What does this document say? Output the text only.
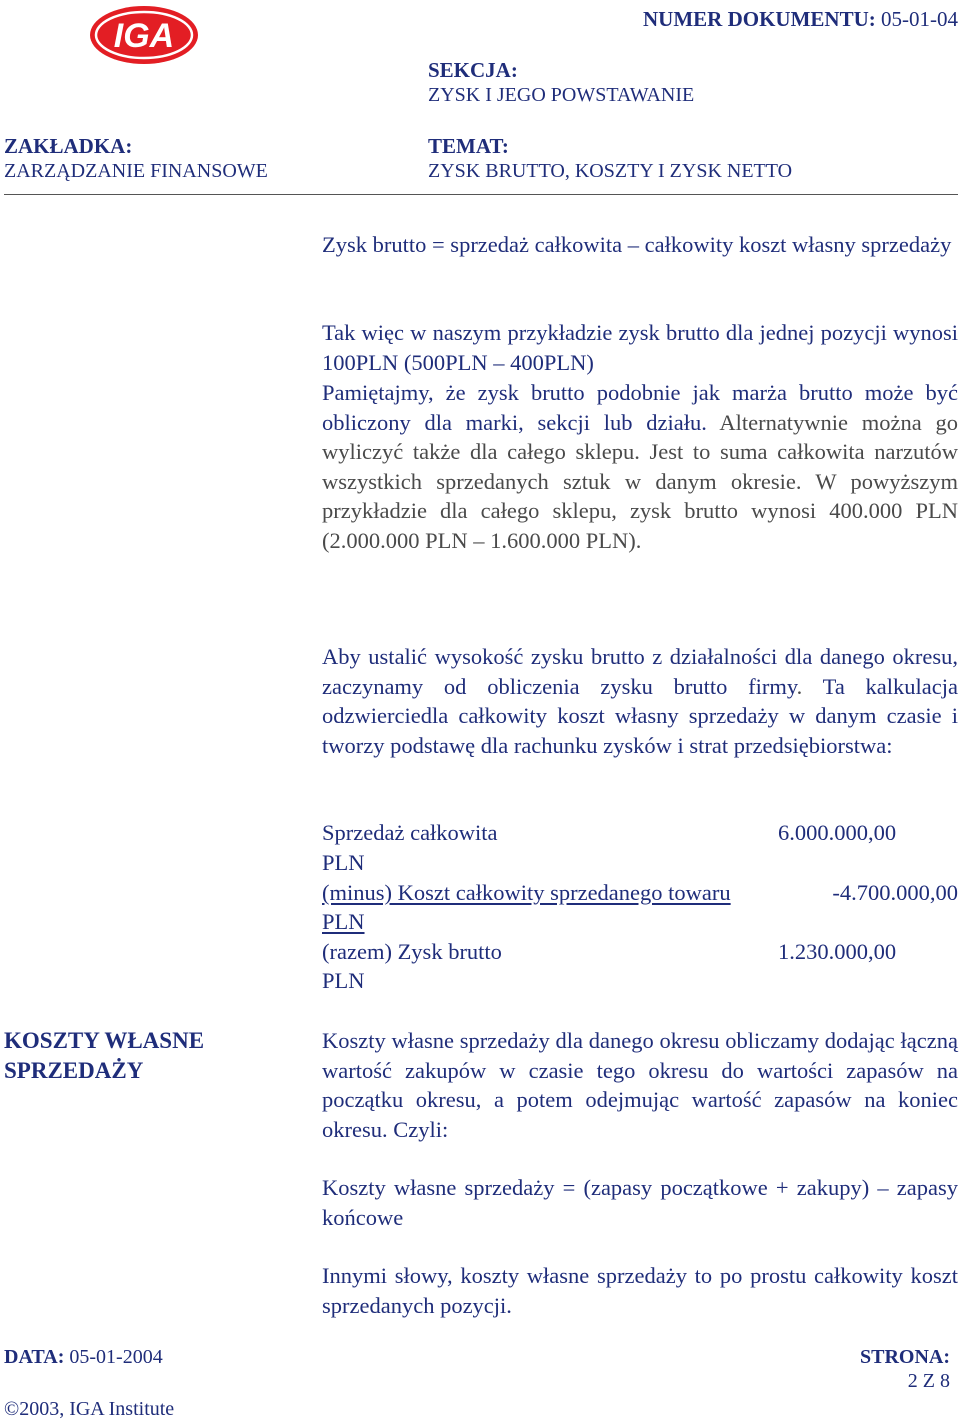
IGA	NUMER DOKUMENTU: 05-01-04
SEKCJA:
ZYSK I JEGO POWSTAWANIE
ZAKŁADKA:
ZARZĄDZANIE FINANSOWE
TEMAT:
ZYSK BRUTTO, KOSZTY I ZYSK NETTO
Zysk brutto = sprzedaż całkowita – całkowity koszt własny sprzedaży
Tak więc w naszym przykładzie zysk brutto dla jednej pozycji wynosi 100PLN (500PLN – 400PLN)
Pamiętajmy, że zysk brutto podobnie jak marża brutto może być obliczony dla marki, sekcji lub działu. Alternatywnie można go wyliczyć także dla całego sklepu. Jest to suma całkowita narzutów wszystkich sprzedanych sztuk w danym okresie. W powyższym przykładzie dla całego sklepu, zysk brutto wynosi 400.000 PLN (2.000.000 PLN – 1.600.000 PLN).
Aby ustalić wysokość zysku brutto z działalności dla danego okresu, zaczynamy od obliczenia zysku brutto firmy. Ta kalkulacja odzwierciedla całkowity koszt własny sprzedaży w danym czasie i tworzy podstawę dla rachunku zysków i strat przedsiębiorstwa:
Sprzedaż całkowita	6.000.000,00
PLN
(minus) Koszt całkowity sprzedanego towaru	-4.700.000,00
PLN
(razem) Zysk brutto	1.230.000,00
PLN
KOSZTY WŁASNE
SPRZEDAŻY
Koszty własne sprzedaży dla danego okresu obliczamy dodając łączną wartość zakupów w czasie tego okresu do wartości zapasów na początku okresu, a potem odejmując wartość zapasów na koniec okresu. Czyli:
Koszty własne sprzedaży = (zapasy początkowe + zakupy) – zapasy końcowe
Innymi słowy, koszty własne sprzedaży to po prostu całkowity koszt sprzedanych pozycji.
DATA: 05-01-2004
©2003, IGA Institute
STRONA:
2 Z 8
